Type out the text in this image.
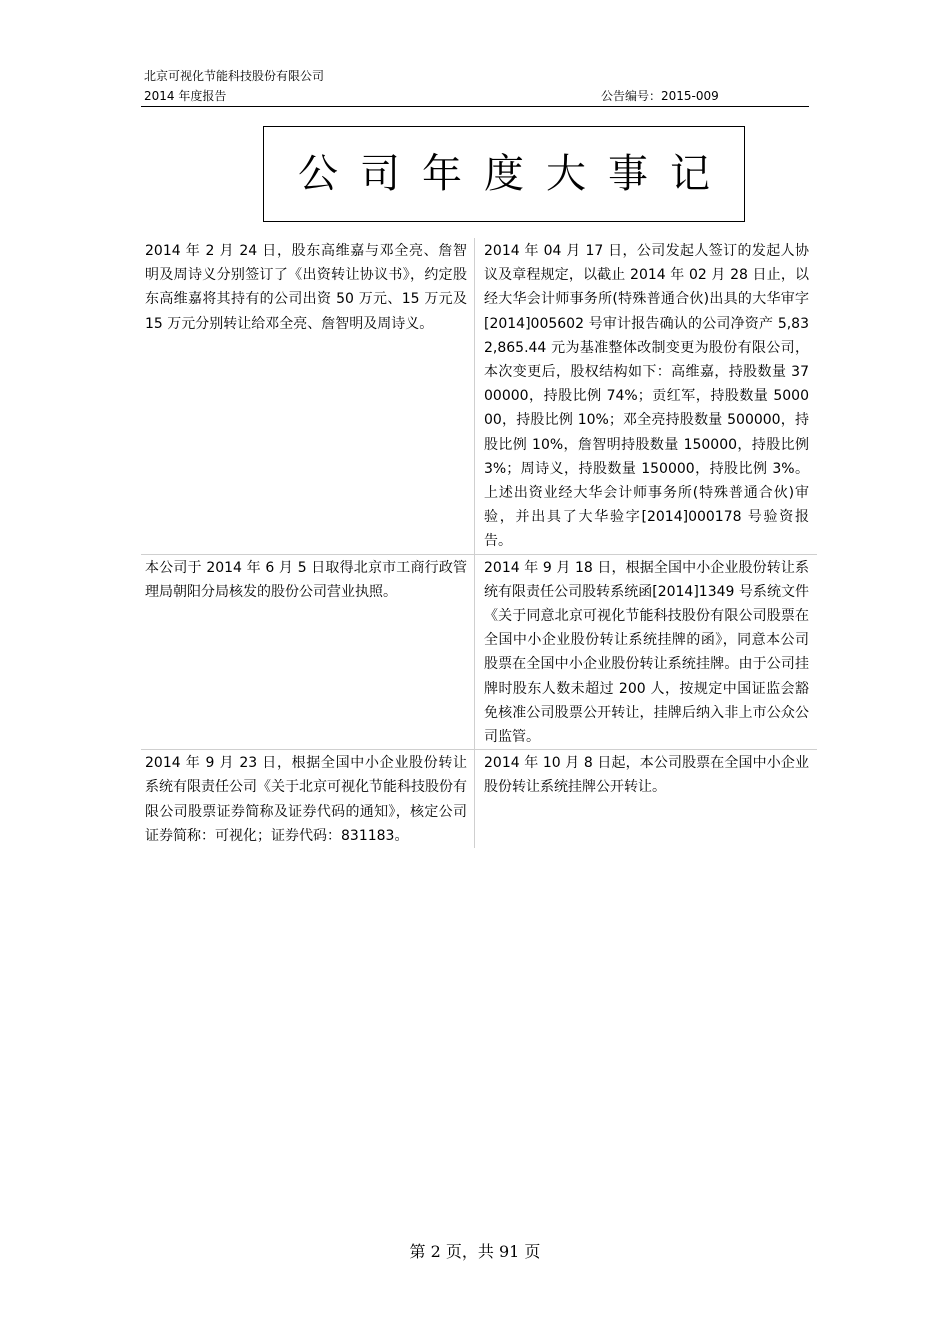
北京可视化节能科技股份有限公司
2014 年度报告	公告编号：2015-009
公司年度大事记
2014 年 2 月 24 日，股东高维嘉与邓全亮、詹智明及周诗义分别签订了《出资转让协议书》，约定股东高维嘉将其持有的公司出资 50 万元、15 万元及 15 万元分别转让给邓全亮、詹智明及周诗义。
2014 年 04 月 17 日，公司发起人签订的发起人协议及章程规定，以截止 2014 年 02 月 28 日止，以经大华会计师事务所(特殊普通合伙)出具的大华审字[2014]005602 号审计报告确认的公司净资产 5,832,865.44 元为基准整体改制变更为股份有限公司，本次变更后，股权结构如下：高维嘉，持股数量 3700000，持股比例 74%；贡红军，持股数量 500000，持股比例 10%；邓全亮持股数量 500000，持股比例 10%，詹智明持股数量 150000，持股比例 3%；周诗义，持股数量 150000，持股比例 3%。上述出资业经大华会计师事务所(特殊普通合伙)审验，并出具了大华验字[2014]000178 号验资报告。
本公司于 2014 年 6 月 5 日取得北京市工商行政管理局朝阳分局核发的股份公司营业执照。
2014 年 9 月 18 日，根据全国中小企业股份转让系统有限责任公司股转系统函[2014]1349 号系统文件《关于同意北京可视化节能科技股份有限公司股票在全国中小企业股份转让系统挂牌的函》，同意本公司股票在全国中小企业股份转让系统挂牌。由于公司挂牌时股东人数未超过 200 人，按规定中国证监会豁免核准公司股票公开转让，挂牌后纳入非上市公众公司监管。
2014 年 9 月 23 日，根据全国中小企业股份转让系统有限责任公司《关于北京可视化节能科技股份有限公司股票证券简称及证券代码的通知》，核定公司证券简称：可视化；证券代码：831183。
2014 年 10 月 8 日起，本公司股票在全国中小企业股份转让系统挂牌公开转让。
第 2 页，共 91 页
